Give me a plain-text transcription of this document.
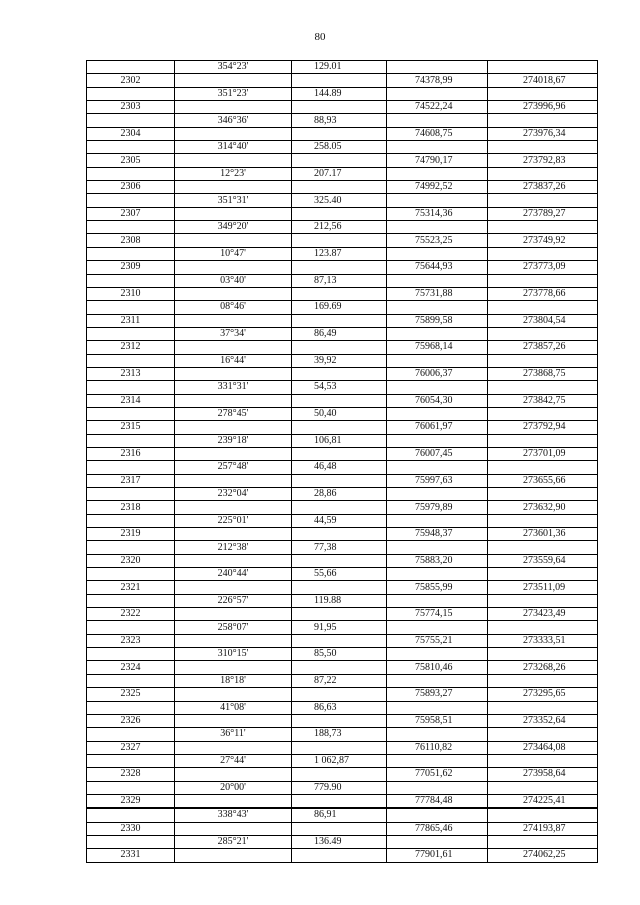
80
	354°23'	129.01		
2302			74378,99	274018,67
	351°23'	144.89		
2303			74522,24	273996,96
	346°36'	88,93		
2304			74608,75	273976,34
	314°40'	258.05		
2305			74790,17	273792,83
	12°23'	207.17		
2306			74992,52	273837,26
	351°31'	325.40		
2307			75314,36	273789,27
	349°20'	212,56		
2308			75523,25	273749,92
	10°47'	123.87		
2309			75644,93	273773,09
	03°40'	87,13		
2310			75731,88	273778,66
	08°46'	169.69		
2311			75899,58	273804,54
	37°34'	86,49		
2312			75968,14	273857,26
	16°44'	39,92		
2313			76006,37	273868,75
	331°31'	54,53		
2314			76054,30	273842,75
	278°45'	50,40		
2315			76061,97	273792,94
	239°18'	106,81		
2316			76007,45	273701,09
	257°48'	46,48		
2317			75997,63	273655,66
	232°04'	28,86		
2318			75979,89	273632,90
	225°01'	44,59		
2319			75948,37	273601,36
	212°38'	77,38		
2320			75883,20	273559,64
	240°44'	55,66		
2321			75855,99	273511,09
	226°57'	119.88		
2322			75774,15	273423,49
	258°07'	91,95		
2323			75755,21	273333,51
	310°15'	85,50		
2324			75810,46	273268,26
	18°18'	87,22		
2325			75893,27	273295,65
	41°08'	86,63		
2326			75958,51	273352,64
	36°11'	188,73		
2327			76110,82	273464,08
	27°44'	1 062,87		
2328			77051,62	273958,64
	20°00'	779.90		
2329			77784,48	274225,41
	338°43'	86,91		
2330			77865,46	274193,87
	285°21'	136.49		
2331			77901,61	274062,25
